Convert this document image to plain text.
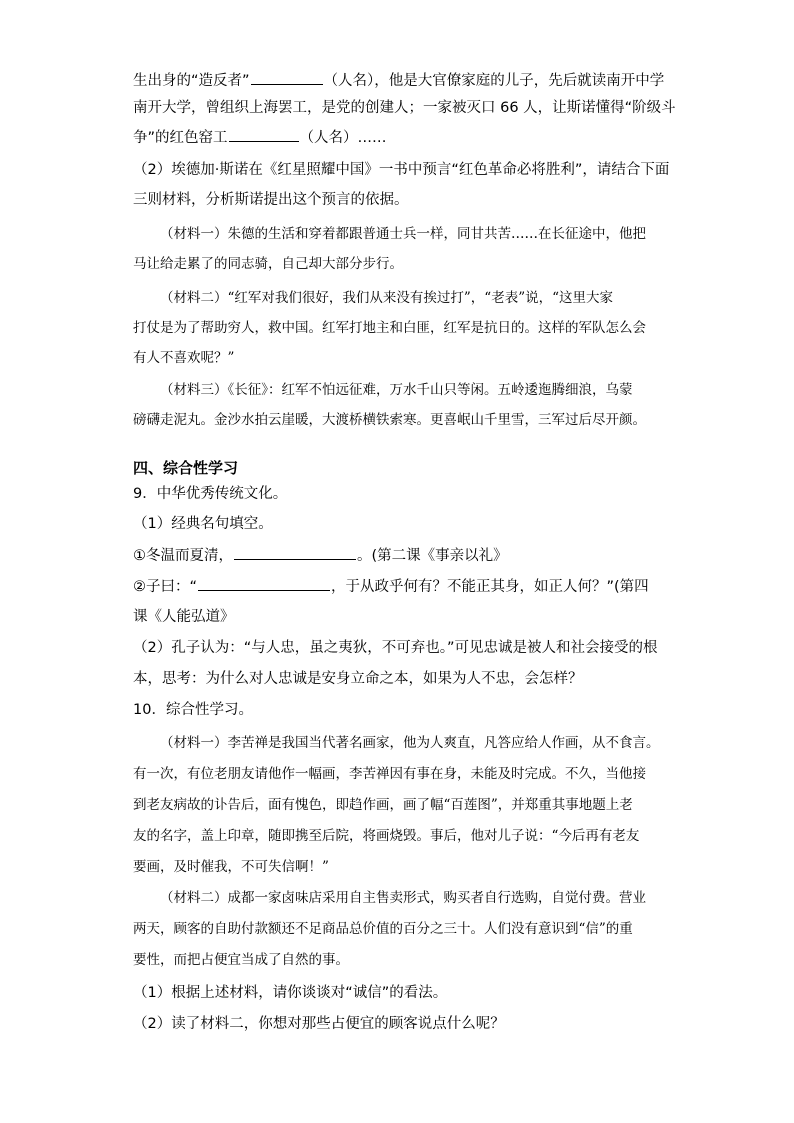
生出身的“造反者”	（人名），他是大官僚家庭的儿子，先后就读南开中学
南开大学，曾组织上海罢工，是党的创建人；一家被灭口 66 人，让斯诺懂得“阶级斗
争”的红色窑工	（人名）……
（2）埃德加·斯诺在《红星照耀中国》一书中预言“红色革命必将胜利”，请结合下面
三则材料，分析斯诺提出这个预言的依据。
（材料一）朱德的生活和穿着都跟普通士兵一样，同甘共苦……在长征途中，他把
马让给走累了的同志骑，自己却大部分步行。
（材料二）“红军对我们很好，我们从来没有挨过打”，“老表”说，“这里大家
打仗是为了帮助穷人，救中国。红军打地主和白匪，红军是抗日的。这样的军队怎么会
有人不喜欢呢？”
（材料三）《长征》：红军不怕远征难，万水千山只等闲。五岭逶迤腾细浪，乌蒙
磅礴走泥丸。金沙水拍云崖暖，大渡桥横铁索寒。更喜岷山千里雪，三军过后尽开颜。
四、综合性学习
9．中华优秀传统文化。
（1）经典名句填空。
①冬温而夏清，	。(第二课《事亲以礼》
②子曰：“	，于从政乎何有？不能正其身，如正人何？”(第四
课《人能弘道》
（2）孔子认为：“与人忠，虽之夷狄，不可弃也。”可见忠诚是被人和社会接受的根
本，思考：为什么对人忠诚是安身立命之本，如果为人不忠，会怎样？
10．综合性学习。
（材料一）李苦禅是我国当代著名画家，他为人爽直，凡答应给人作画，从不食言。
有一次，有位老朋友请他作一幅画，李苦禅因有事在身，未能及时完成。不久，当他接
到老友病故的讣告后，面有愧色，即趋作画，画了幅“百莲图”，并郑重其事地题上老
友的名字，盖上印章，随即携至后院，将画烧毁。事后，他对儿子说：“今后再有老友
要画，及时催我，不可失信啊！”
（材料二）成都一家卤味店采用自主售卖形式，购买者自行选购，自觉付费。营业
两天，顾客的自助付款额还不足商品总价值的百分之三十。人们没有意识到“信”的重
要性，而把占便宜当成了自然的事。
（1）根据上述材料，请你谈谈对“诚信”的看法。
（2）读了材料二，你想对那些占便宜的顾客说点什么呢？
